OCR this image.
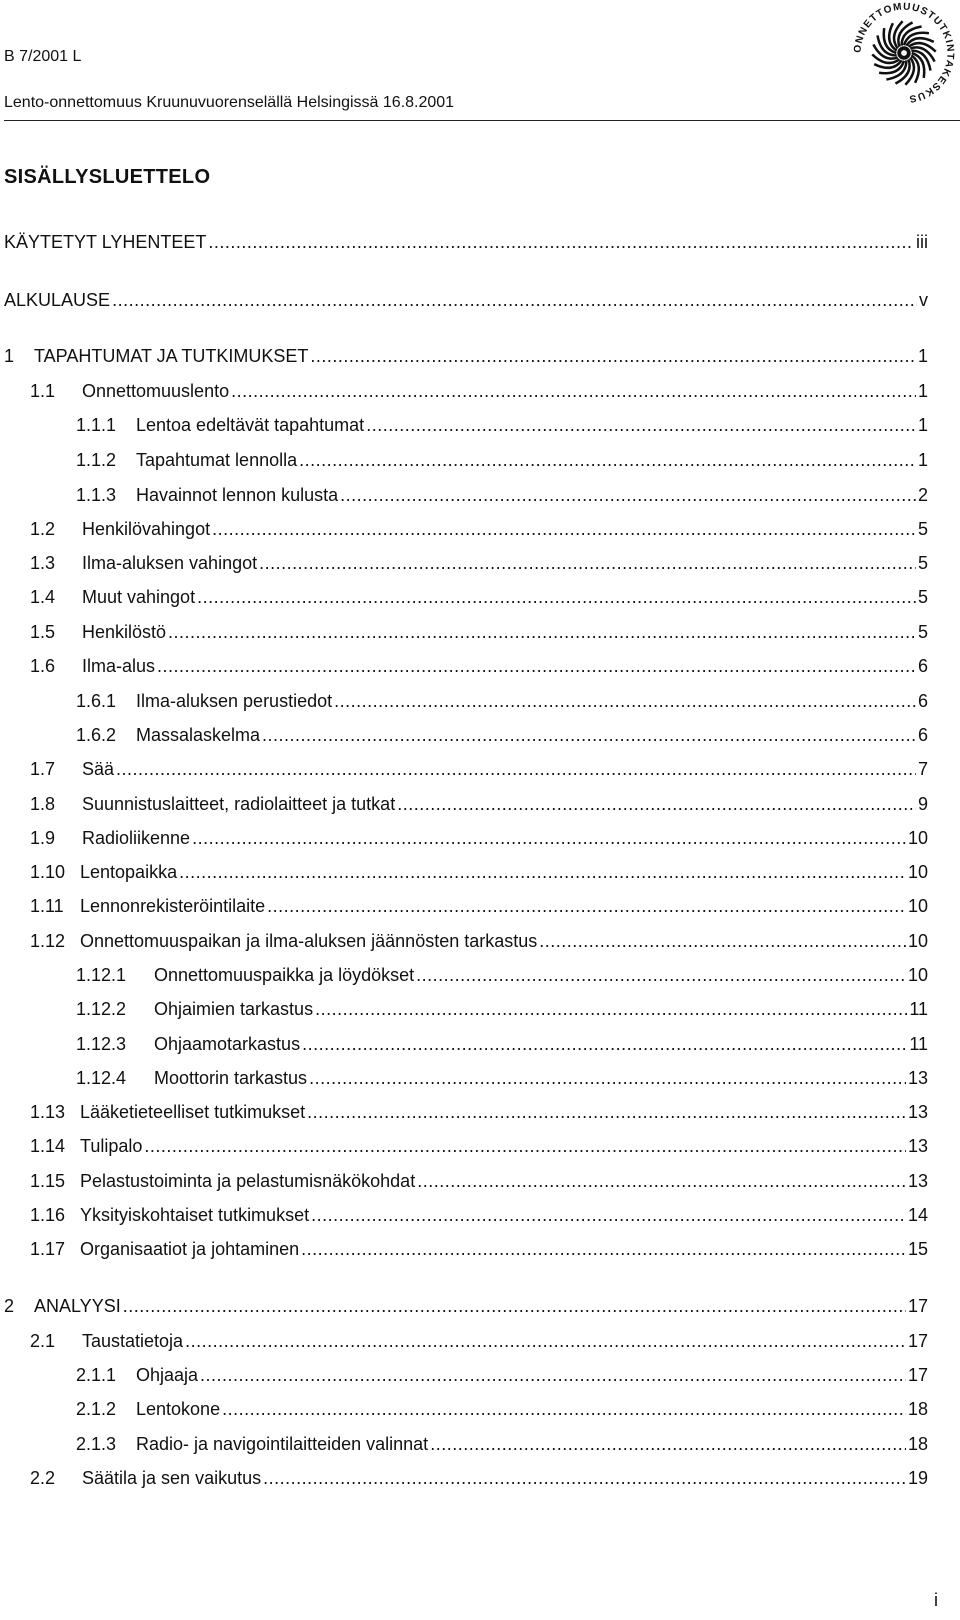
B 7/2001 L
Lento-onnettomuus Kruunuvuorenselällä Helsingissä 16.8.2001
ONNETTOMUUSTUTKINTAKESKUS
SISÄLLYSLUETTELO
KÄYTETYT LYHENTEET .....	iii
ALKULAUSE .....	v
1	TAPAHTUMAT JA TUTKIMUKSET .....	1
1.1	Onnettomuuslento .....	1
1.1.1	Lentoa edeltävät tapahtumat .....	1
1.1.2	Tapahtumat lennolla .....	1
1.1.3	Havainnot lennon kulusta .....	2
1.2	Henkilövahingot .....	5
1.3	Ilma-aluksen vahingot .....	5
1.4	Muut vahingot .....	5
1.5	Henkilöstö .....	5
1.6	Ilma-alus .....	6
1.6.1	Ilma-aluksen perustiedot .....	6
1.6.2	Massalaskelma .....	6
1.7	Sää .....	7
1.8	Suunnistuslaitteet, radiolaitteet ja tutkat .....	9
1.9	Radioliikenne .....	10
1.10 Lentopaikka .....	10
1.11 Lennonrekisteröintilaite .....	10
1.12 Onnettomuuspaikan ja ilma-aluksen jäännösten tarkastus .....	10
1.12.1	Onnettomuuspaikka ja löydökset .....	10
1.12.2	Ohjaimien tarkastus .....	11
1.12.3	Ohjaamotarkastus .....	11
1.12.4	Moottorin tarkastus .....	13
1.13 Lääketieteelliset tutkimukset .....	13
1.14 Tulipalo .....	13
1.15 Pelastustoiminta ja pelastumisnäkökohdat .....	13
1.16 Yksityiskohtaiset tutkimukset .....	14
1.17 Organisaatiot ja johtaminen .....	15
2	ANALYYSI .....	17
2.1	Taustatietoja .....	17
2.1.1	Ohjaaja .....	17
2.1.2	Lentokone .....	18
2.1.3	Radio- ja navigointilaitteiden valinnat .....	18
2.2	Säätila ja sen vaikutus .....	19
i
